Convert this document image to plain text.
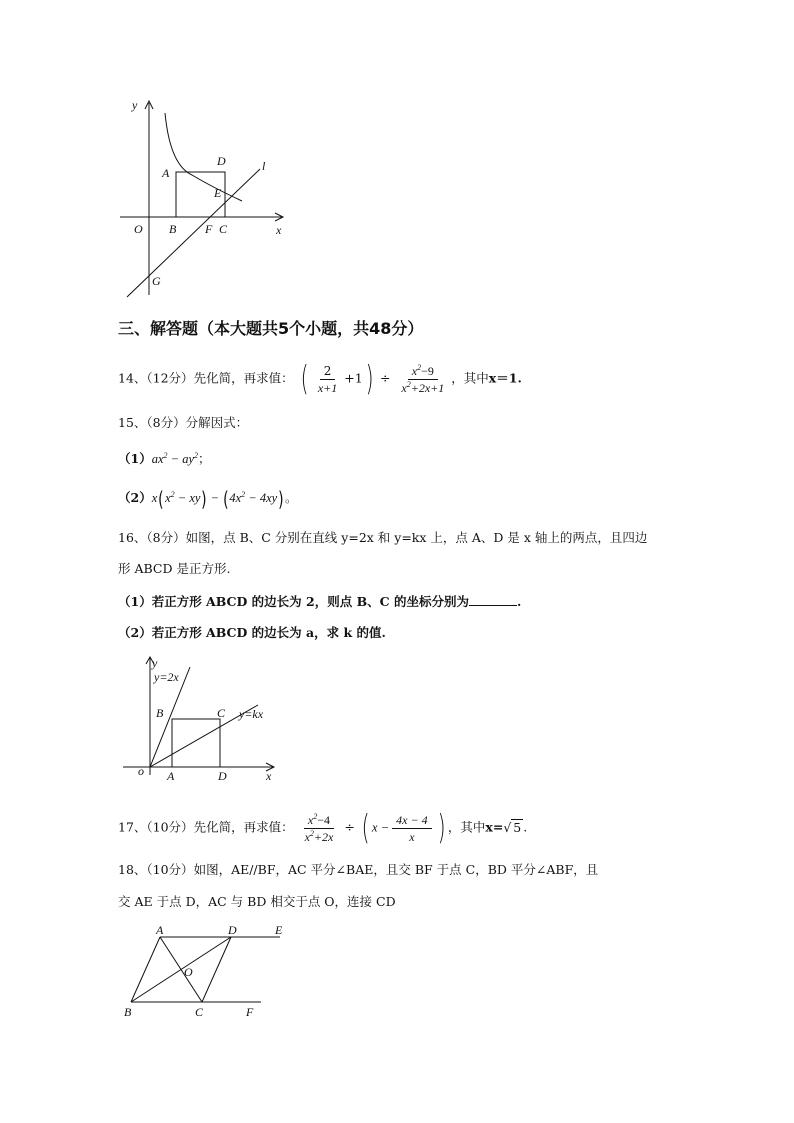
y
x
O
A
B	C
D
E
F
G
l
三、解答题（本大题共5个小题，共48分）
14、（12分）先化简，再求值： ( $\frac{2}{x+1} +1) \div \frac{x^2-9}{x^2+2x+1}$ ，其中x＝1.
15、（8分）分解因式：
$(1)ax^2 - ay^2$；
$(2)x(x^2 - xy) - (4x^2 - 4xy)$。
16、（8分）如图，点 B、C 分别在直线 y=2x 和 y=kx 上，点 A、D 是 x 轴上的两点，且四边
形 ABCD 是正方形.
（1）若正方形 ABCD 的边长为 2，则点 B、C 的坐标分别为	.
（2）若正方形 ABCD 的边长为 a，求 k 的值.
y
x
o A
B	C
D
y=2x
y=kx
17、（10分）先化简，再求值： $\frac{x^2-4}{x^2+2x}$ ÷ ( $x - \frac{4x - 4}{x}$ ) ，其中x=√ 5 .
18、（10分）如图，AE//BF，AC 平分∠BAE，且交 BF 于点 C，BD 平分∠ABF，且
交 AE 于点 D，AC 与 BD 相交于点 O，连接 CD
A	D	E
O
B	C	F
